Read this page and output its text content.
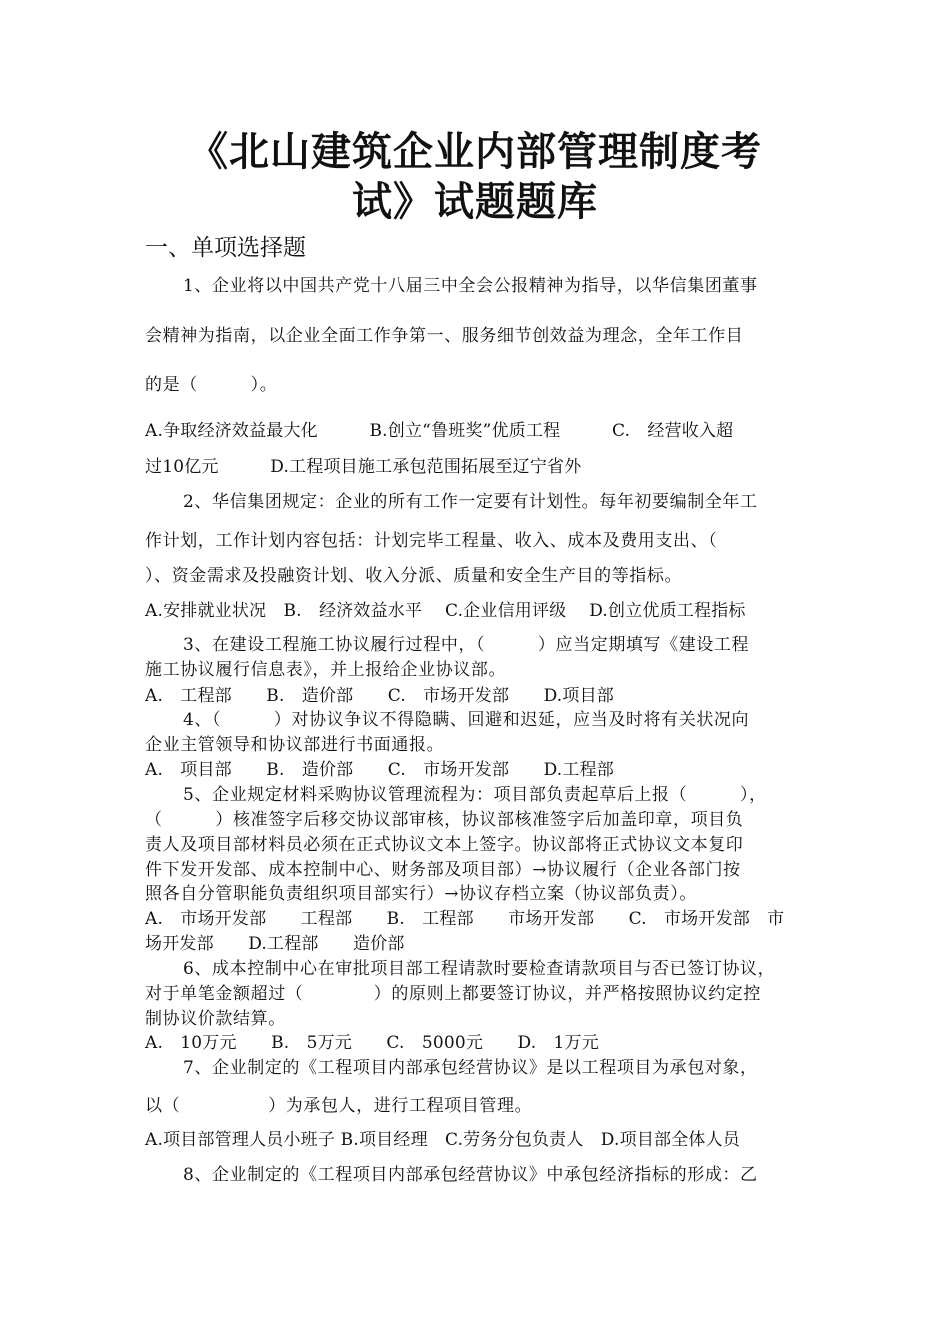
《北山建筑企业内部管理制度考
试》试题题库
一、单项选择题
1、企业将以中国共产党十八届三中全会公报精神为指导，以华信集团董事
会精神为指南，以企业全面工作争第一、服务细节创效益为理念，全年工作目
的是（　　　）。
A.争取经济效益最大化　　　B.创立“鲁班奖”优质工程　　　C.　经营收入超
过10亿元　　　D.工程项目施工承包范围拓展至辽宁省外
2、华信集团规定：企业的所有工作一定要有计划性。每年初要编制全年工
作计划，工作计划内容包括：计划完毕工程量、收入、成本及费用支出、（
）、资金需求及投融资计划、收入分派、质量和安全生产目的等指标。
A.安排就业状况　B.　经济效益水平　 C.企业信用评级　 D.创立优质工程指标
3、在建设工程施工协议履行过程中，（　　　）应当定期填写《建设工程
施工协议履行信息表》，并上报给企业协议部。
A.　工程部　　B.　造价部　　C.　市场开发部　　D.项目部
4、（　　　）对协议争议不得隐瞒、回避和迟延，应当及时将有关状况向
企业主管领导和协议部进行书面通报。
A.　项目部　　B.　造价部　　C.　市场开发部　　D.工程部
5、企业规定材料采购协议管理流程为：项目部负责起草后上报（　　　），
（　　　）核准签字后移交协议部审核，协议部核准签字后加盖印章，项目负
责人及项目部材料员必须在正式协议文本上签字。协议部将正式协议文本复印
件下发开发部、成本控制中心、财务部及项目部）→协议履行（企业各部门按
照各自分管职能负责组织项目部实行）→协议存档立案（协议部负责）。
A.　市场开发部　　工程部　　B.　工程部　　市场开发部　　C.　市场开发部　市
场开发部　　D.工程部　　造价部
6、成本控制中心在审批项目部工程请款时要检查请款项目与否已签订协议，
对于单笔金额超过（　　　　）的原则上都要签订协议，并严格按照协议约定控
制协议价款结算。
A.　10万元　　B.　5万元　　C.　5000元　　D.　1万元
7、企业制定的《工程项目内部承包经营协议》是以工程项目为承包对象，
以（　　　　　）为承包人，进行工程项目管理。
A.项目部管理人员小班子 B.项目经理　C.劳务分包负责人　D.项目部全体人员
8、企业制定的《工程项目内部承包经营协议》中承包经济指标的形成：乙
